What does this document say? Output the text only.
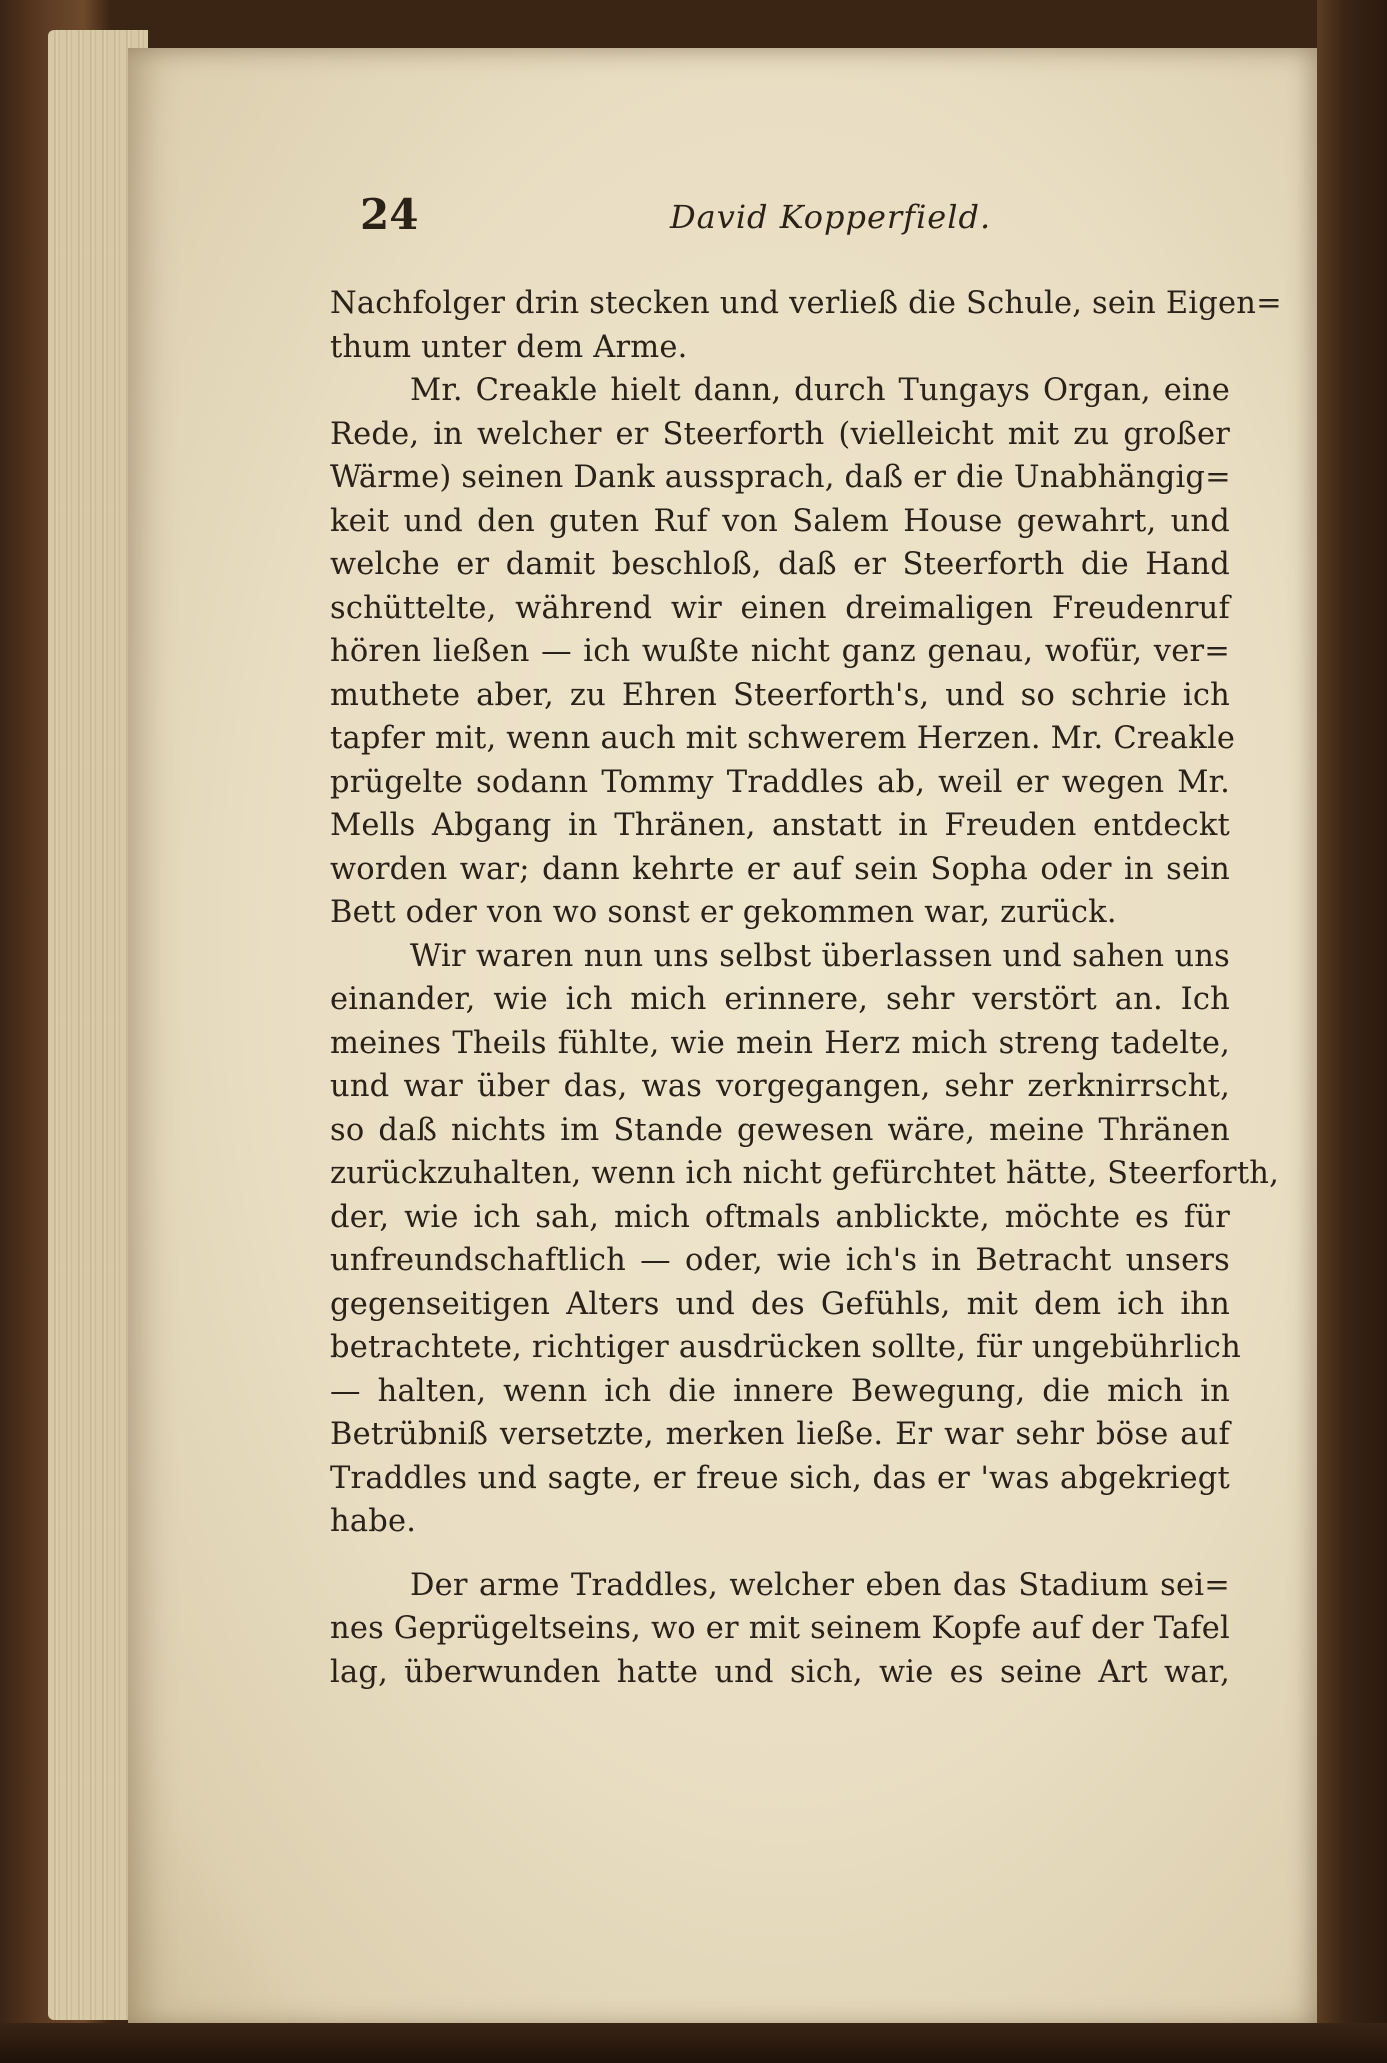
24	David Kopperfield.
Nachfolger drin stecken und verließ die Schule, sein Eigen=
thum unter dem Arme.
Mr. Creakle hielt dann, durch Tungays Organ, eine
Rede, in welcher er Steerforth (vielleicht mit zu großer
Wärme) seinen Dank aussprach, daß er die Unabhängig=
keit und den guten Ruf von Salem House gewahrt, und
welche er damit beschloß, daß er Steerforth die Hand
schüttelte, während wir einen dreimaligen Freudenruf
hören ließen — ich wußte nicht ganz genau, wofür, ver=
muthete aber, zu Ehren Steerforth's, und so schrie ich
tapfer mit, wenn auch mit schwerem Herzen. Mr. Creakle
prügelte sodann Tommy Traddles ab, weil er wegen Mr.
Mells Abgang in Thränen, anstatt in Freuden entdeckt
worden war; dann kehrte er auf sein Sopha oder in sein
Bett oder von wo sonst er gekommen war, zurück.
Wir waren nun uns selbst überlassen und sahen uns
einander, wie ich mich erinnere, sehr verstört an. Ich
meines Theils fühlte, wie mein Herz mich streng tadelte,
und war über das, was vorgegangen, sehr zerknirrscht,
so daß nichts im Stande gewesen wäre, meine Thränen
zurückzuhalten, wenn ich nicht gefürchtet hätte, Steerforth,
der, wie ich sah, mich oftmals anblickte, möchte es für
unfreundschaftlich — oder, wie ich's in Betracht unsers
gegenseitigen Alters und des Gefühls, mit dem ich ihn
betrachtete, richtiger ausdrücken sollte, für ungebührlich
— halten, wenn ich die innere Bewegung, die mich in
Betrübniß versetzte, merken ließe. Er war sehr böse auf
Traddles und sagte, er freue sich, das er 'was abgekriegt
habe.
Der arme Traddles, welcher eben das Stadium sei=
nes Geprügeltseins, wo er mit seinem Kopfe auf der Tafel
lag, überwunden hatte und sich, wie es seine Art war,
